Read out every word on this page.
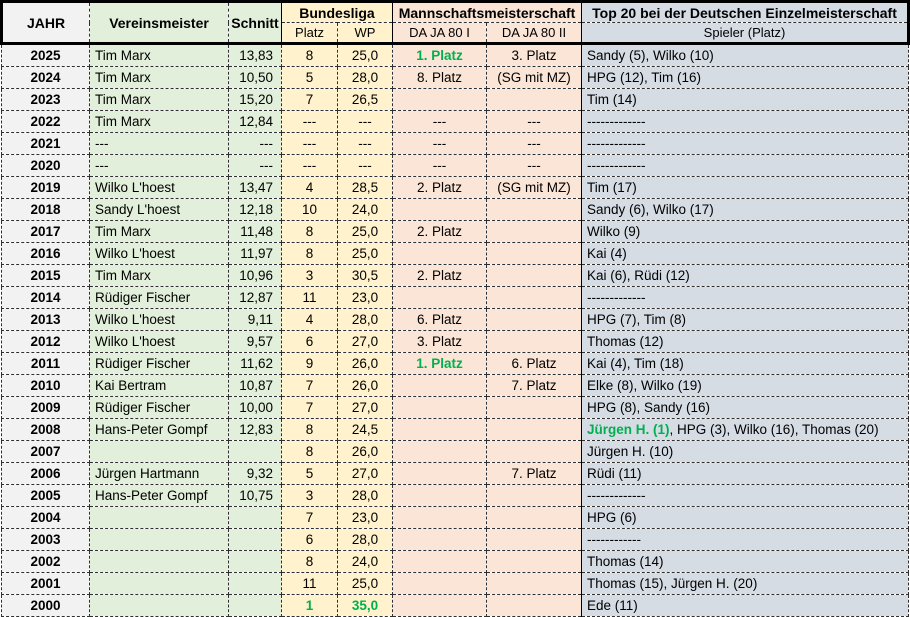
JAHR	Vereinsmeister	Schnitt	Bundesliga		Mannschaftsmeisterschaft		Top 20 bei der Deutschen Einzelmeisterschaft
			Platz	WP	DA JA 80 I	DA JA 80 II	Spieler (Platz)
2025	Tim Marx	13,83	8	25,0	1. Platz	3. Platz	Sandy (5), Wilko (10)
2024	Tim Marx	10,50	5	28,0	8. Platz	(SG mit MZ)	HPG (12), Tim (16)
2023	Tim Marx	15,20	7	26,5			Tim (14)
2022	Tim Marx	12,84	---	---	---	---	-------------
2021	---	---	---	---	---	---	-------------
2020	---	---	---	---	---	---	-------------
2019	Wilko L'hoest	13,47	4	28,5	2. Platz	(SG mit MZ)	Tim (17)
2018	Sandy L'hoest	12,18	10	24,0			Sandy (6), Wilko (17)
2017	Tim Marx	11,48	8	25,0	2. Platz		Wilko (9)
2016	Wilko L'hoest	11,97	8	25,0			Kai (4)
2015	Tim Marx	10,96	3	30,5	2. Platz		Kai (6), Rüdi (12)
2014	Rüdiger Fischer	12,87	11	23,0			-------------
2013	Wilko L'hoest	9,11	4	28,0	6. Platz		HPG (7), Tim (8)
2012	Wilko L'hoest	9,57	6	27,0	3. Platz		Thomas (12)
2011	Rüdiger Fischer	11,62	9	26,0	1. Platz	6. Platz	Kai (4), Tim (18)
2010	Kai Bertram	10,87	7	26,0		7. Platz	Elke (8), Wilko (19)
2009	Rüdiger Fischer	10,00	7	27,0			HPG (8), Sandy (16)
2008	Hans-Peter Gompf	12,83	8	24,5			Jürgen H. (1), HPG (3), Wilko (16), Thomas (20)
2007			8	26,0			Jürgen H. (10)
2006	Jürgen Hartmann	9,32	5	27,0		7. Platz	Rüdi (11)
2005	Hans-Peter Gompf	10,75	3	28,0			-------------
2004			7	23,0			HPG (6)
2003			6	28,0			------------
2002			8	24,0			Thomas (14)
2001			11	25,0			Thomas (15), Jürgen H. (20)
2000			1	35,0			Ede (11)
